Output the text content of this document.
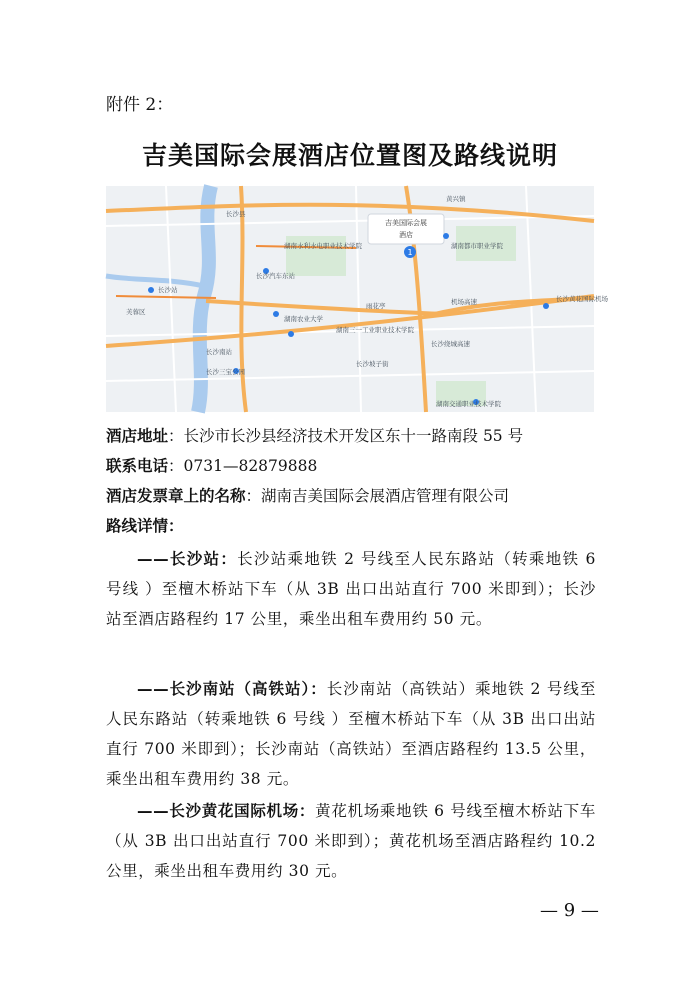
附件 2：
吉美国际会展酒店位置图及路线说明
1
吉美国际会展
酒店
长沙站
芙蓉区
长沙汽车东站
湖南水利水电职业技术学院
湖南农业大学
湖南三一工业职业技术学院
湖南都市职业学院
机场高速
长沙绕城高速
长沙黄花国际机场
长沙南站
长沙三宝公园
雨花亭
湖南交通职业技术学院
黄兴镇
长沙县
长沙坡子街
酒店地址：长沙市长沙县经济技术开发区东十一路南段 55 号
联系电话：0731—82879888
酒店发票章上的名称：湖南吉美国际会展酒店管理有限公司
路线详情：
——长沙站：长沙站乘地铁 2 号线至人民东路站（转乘地铁 6 号线 ）至檀木桥站下车（从 3B 出口出站直行 700 米即到）；长沙站至酒店路程约 17 公里，乘坐出租车费用约 50 元。
——长沙南站（高铁站）：长沙南站（高铁站）乘地铁 2 号线至人民东路站（转乘地铁 6 号线 ）至檀木桥站下车（从 3B 出口出站直行 700 米即到）；长沙南站（高铁站）至酒店路程约 13.5 公里，乘坐出租车费用约 38 元。
——长沙黄花国际机场：黄花机场乘地铁 6 号线至檀木桥站下车（从 3B 出口出站直行 700 米即到）；黄花机场至酒店路程约 10.2 公里，乘坐出租车费用约 30 元。
— 9 —
